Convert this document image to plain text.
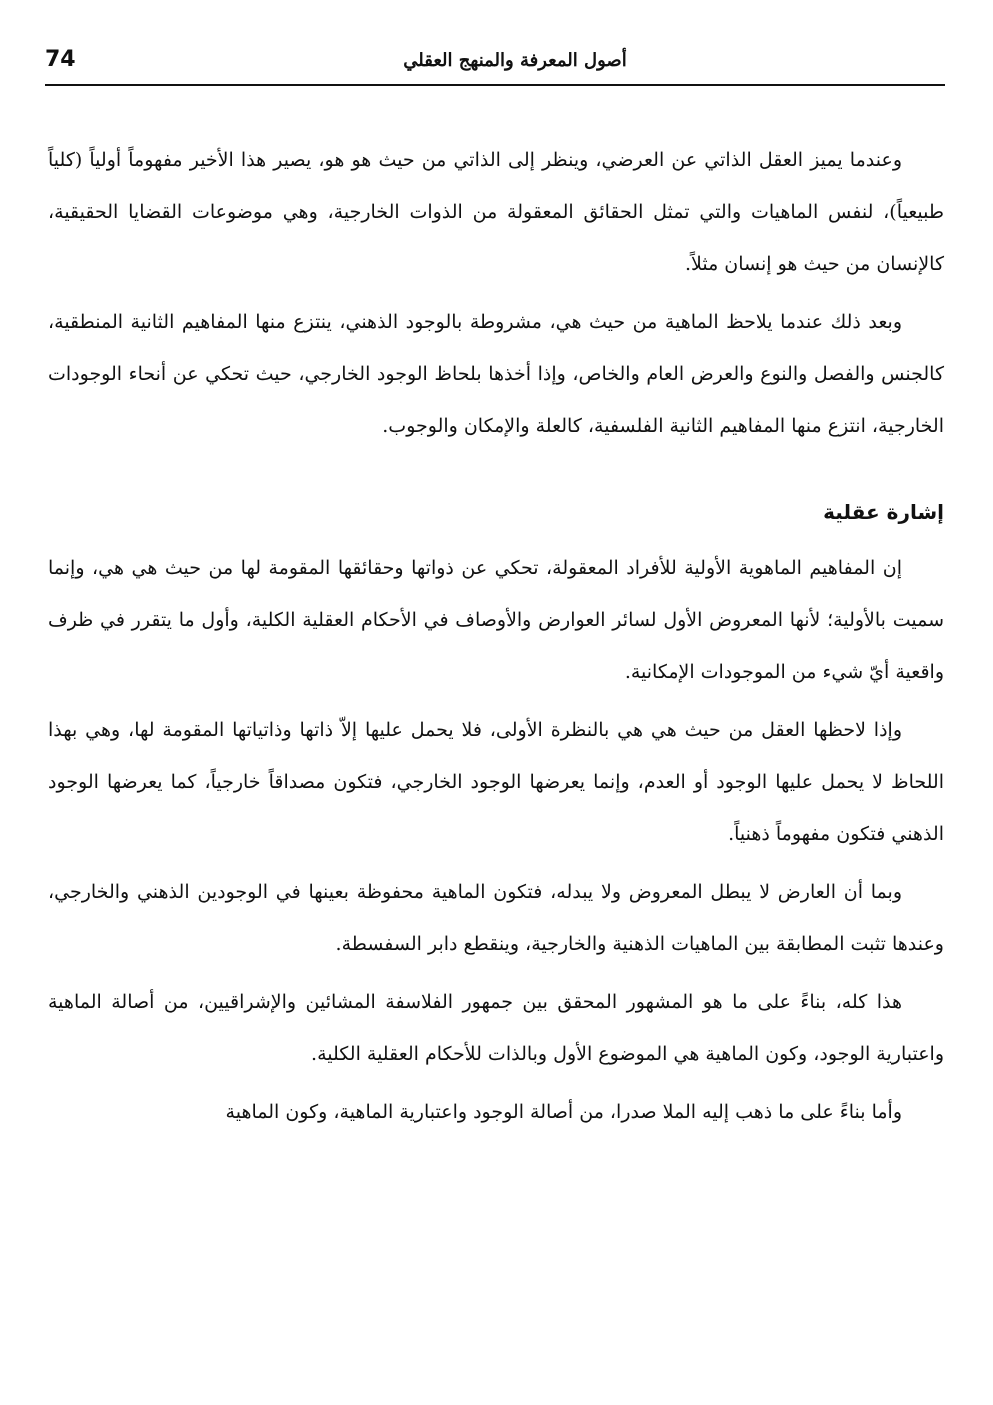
74	أصول المعرفة والمنهج العقلي

وعندما يميز العقل الذاتي عن العرضي، وينظر إلى الذاتي من حيث هو هو، يصير هذا الأخير مفهوماً أولياً (كلياً طبيعياً)، لنفس الماهيات والتي تمثل الحقائق المعقولة من الذوات الخارجية، وهي موضوعات القضايا الحقيقية، كالإنسان من حيث هو إنسان مثلاً.

وبعد ذلك عندما يلاحظ الماهية من حيث هي، مشروطة بالوجود الذهني، ينتزع منها المفاهيم الثانية المنطقية، كالجنس والفصل والنوع والعرض العام والخاص، وإذا أخذها بلحاظ الوجود الخارجي، حيث تحكي عن أنحاء الوجودات الخارجية، انتزع منها المفاهيم الثانية الفلسفية، كالعلة والإمكان والوجوب.

إشارة عقلية

إن المفاهيم الماهوية الأولية للأفراد المعقولة، تحكي عن ذواتها وحقائقها المقومة لها من حيث هي هي، وإنما سميت بالأولية؛ لأنها المعروض الأول لسائر العوارض والأوصاف في الأحكام العقلية الكلية، وأول ما يتقرر في ظرف واقعية أيّ شيء من الموجودات الإمكانية.

وإذا لاحظها العقل من حيث هي هي بالنظرة الأولى، فلا يحمل عليها إلاّ ذاتها وذاتياتها المقومة لها، وهي بهذا اللحاظ لا يحمل عليها الوجود أو العدم، وإنما يعرضها الوجود الخارجي، فتكون مصداقاً خارجياً، كما يعرضها الوجود الذهني فتكون مفهوماً ذهنياً.

وبما أن العارض لا يبطل المعروض ولا يبدله، فتكون الماهية محفوظة بعينها في الوجودين الذهني والخارجي، وعندها تثبت المطابقة بين الماهيات الذهنية والخارجية، وينقطع دابر السفسطة.

هذا كله، بناءً على ما هو المشهور المحقق بين جمهور الفلاسفة المشائين والإشراقيين، من أصالة الماهية واعتبارية الوجود، وكون الماهية هي الموضوع الأول وبالذات للأحكام العقلية الكلية.

وأما بناءً على ما ذهب إليه الملا صدرا، من أصالة الوجود واعتبارية الماهية، وكون الماهية
